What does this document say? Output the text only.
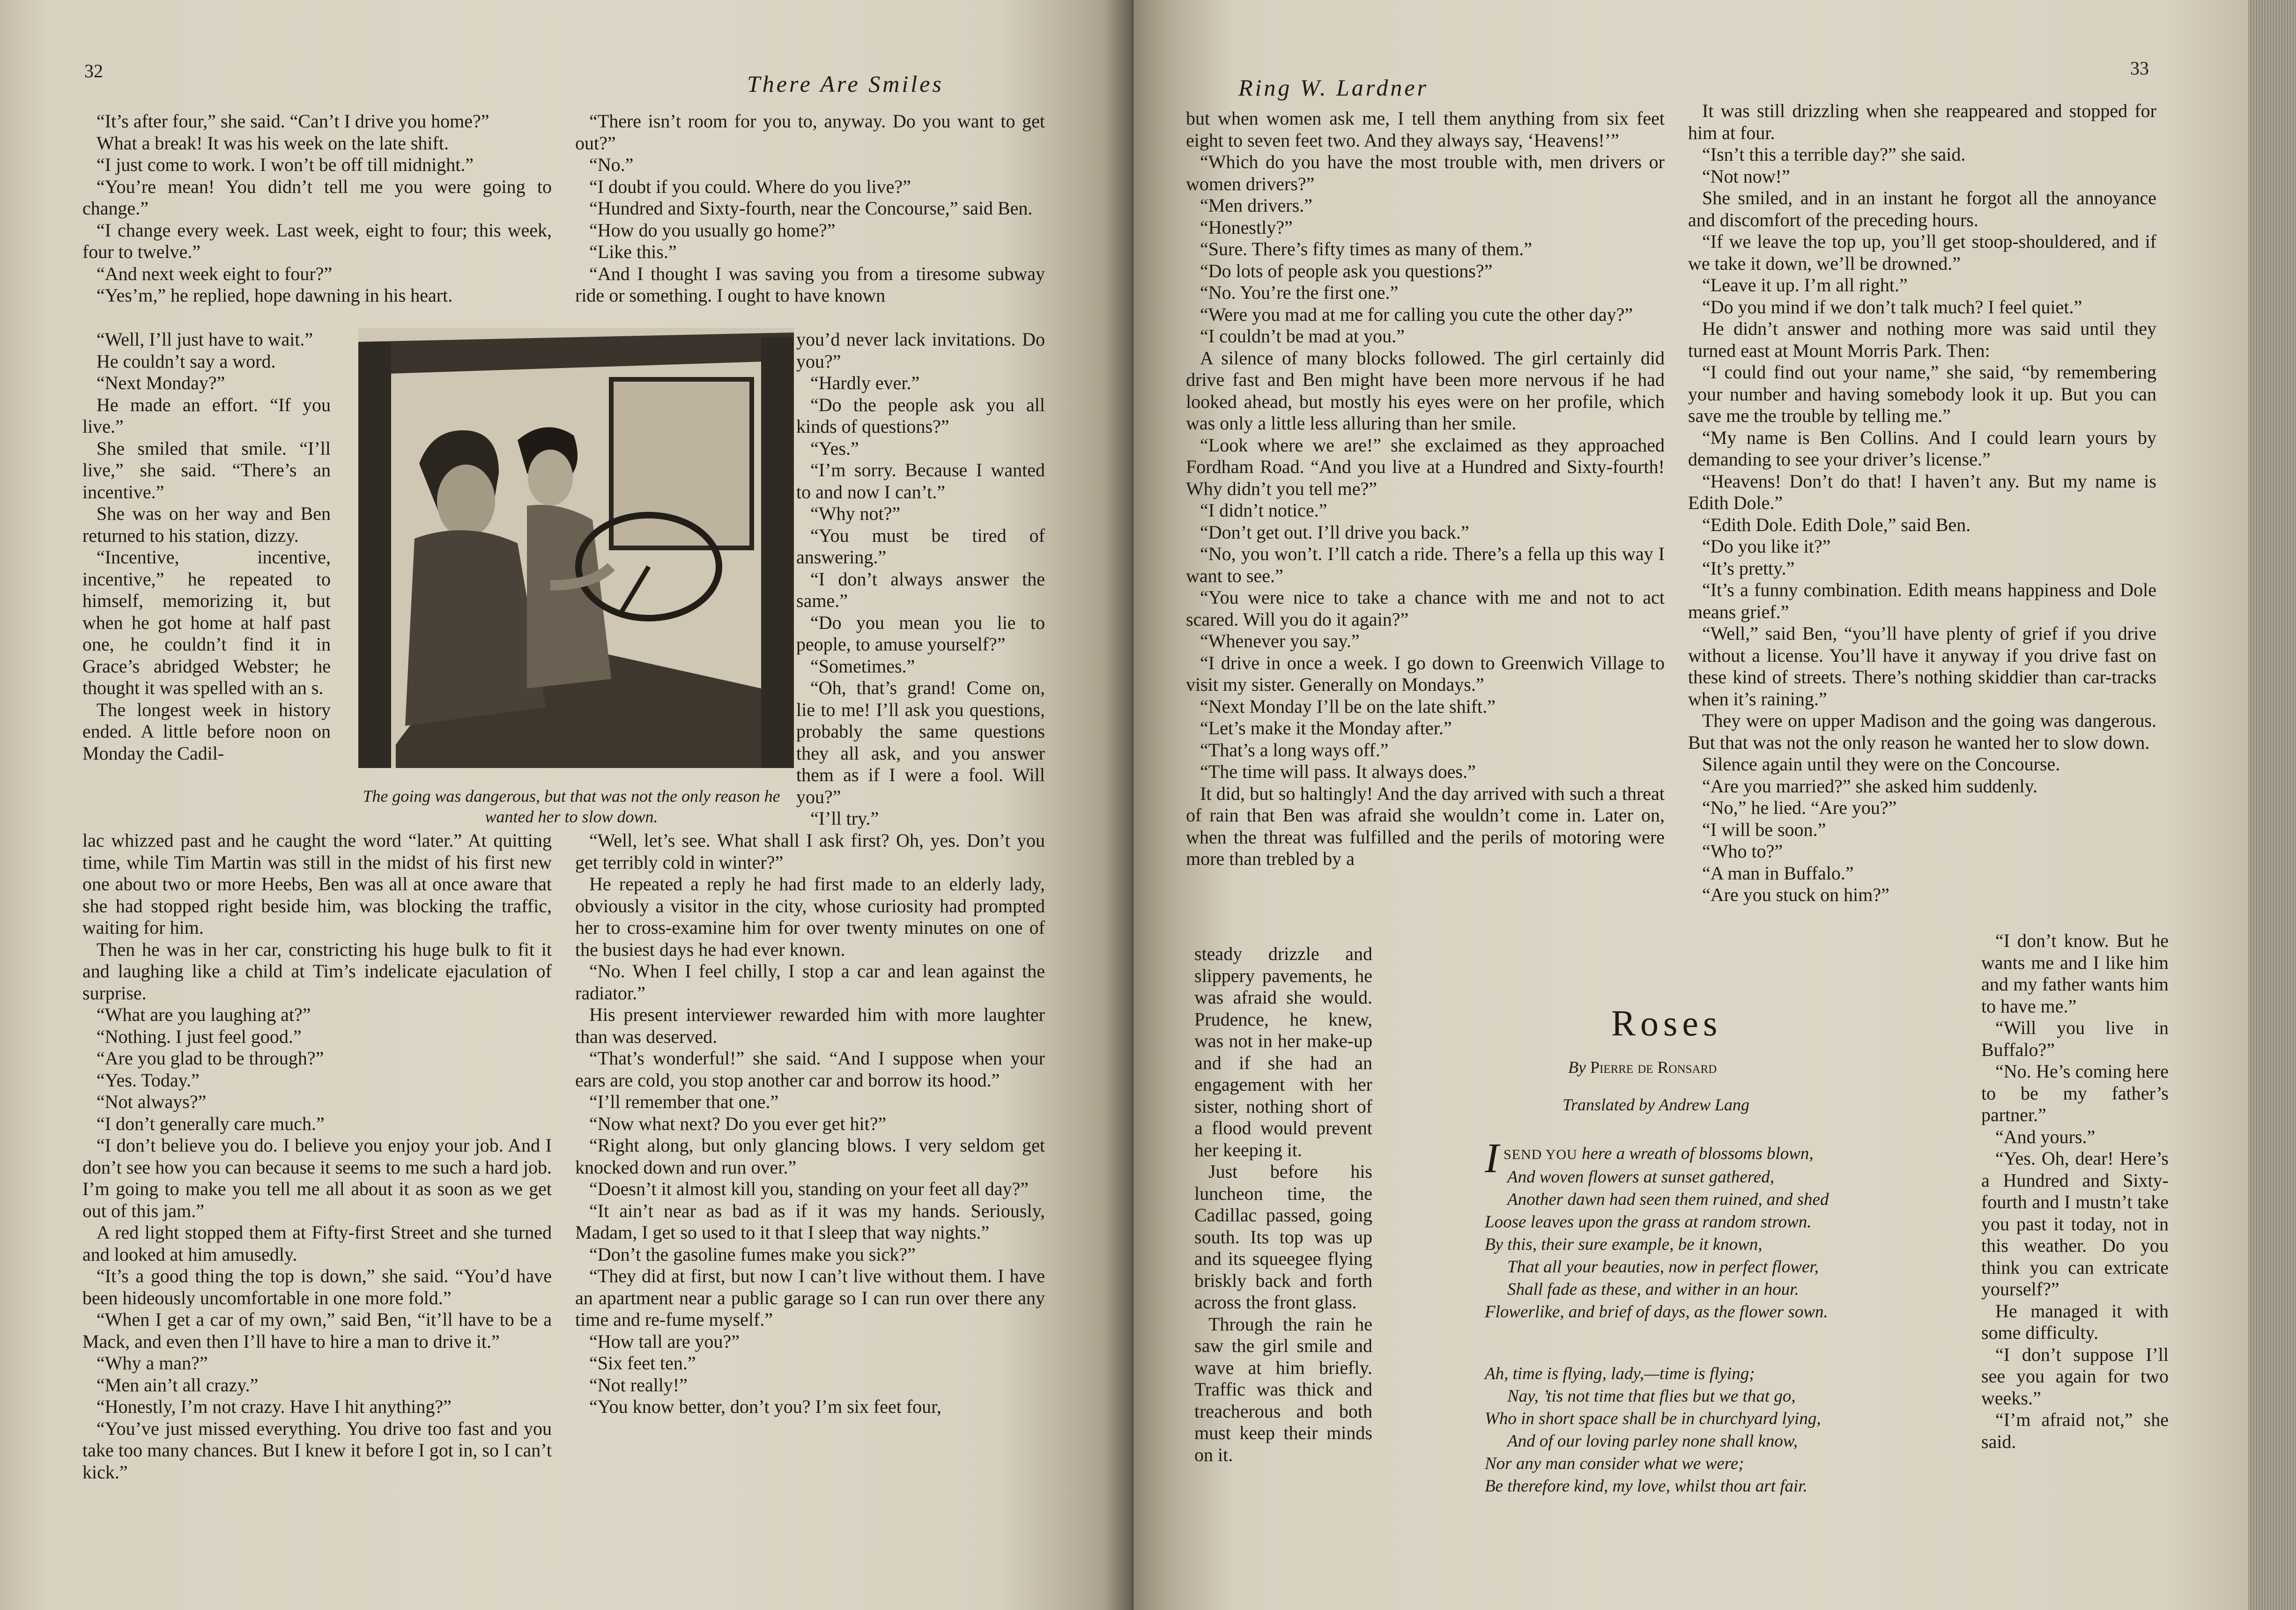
32	There Are Smiles

“It’s after four,” she said. “Can’t I drive you home?”

What a break! It was his week on the late shift.

“I just come to work. I won’t be off till midnight.”

“You’re mean! You didn’t tell me you were going to change.”

“I change every week. Last week, eight to four; this week, four to twelve.”

“And next week eight to four?”

“Yes’m,” he replied, hope dawning in his heart.

“Well, I’ll just have to wait.”

He couldn’t say a word.

“Next Monday?”

He made an effort. “If you live.”

She smiled that smile. “I’ll live,” she said. “There’s an incentive.”

She was on her way and Ben returned to his station, dizzy.

“Incentive, incentive, incentive,” he repeated to himself, memorizing it, but when he got home at half past one, he couldn’t find it in Grace’s abridged Webster; he thought it was spelled with an s.

The longest week in history ended. A little before noon on Monday the Cadil-

lac whizzed past and he caught the word “later.” At quitting time, while Tim Martin was still in the midst of his first new one about two or more Heebs, Ben was all at once aware that she had stopped right beside him, was blocking the traffic, waiting for him.

Then he was in her car, constricting his huge bulk to fit it and laughing like a child at Tim’s indelicate ejaculation of surprise.

“What are you laughing at?”

“Nothing. I just feel good.”

“Are you glad to be through?”

“Yes. Today.”

“Not always?”

“I don’t generally care much.”

“I don’t believe you do. I believe you enjoy your job. And I don’t see how you can because it seems to me such a hard job. I’m going to make you tell me all about it as soon as we get out of this jam.”

A red light stopped them at Fifty-first Street and she turned and looked at him amusedly.

“It’s a good thing the top is down,” she said. “You’d have been hideously uncomfortable in one more fold.”

“When I get a car of my own,” said Ben, “it’ll have to be a Mack, and even then I’ll have to hire a man to drive it.”

“Why a man?”

“Men ain’t all crazy.”

“Honestly, I’m not crazy. Have I hit anything?”

“You’ve just missed everything. You drive too fast and you take too many chances. But I knew it before I got in, so I can’t kick.”

“There isn’t room for you to, anyway. Do you want to get out?”

“No.”

“I doubt if you could. Where do you live?”

“Hundred and Sixty-fourth, near the Concourse,” said Ben.

“How do you usually go home?”

“Like this.”

“And I thought I was saving you from a tiresome subway ride or something. I ought to have known

you’d never lack invitations. Do you?”

“Hardly ever.”

“Do the people ask you all kinds of questions?”

“Yes.”

“I’m sorry. Because I wanted to and now I can’t.”

“Why not?”

“You must be tired of answering.”

“I don’t always answer the same.”

“Do you mean you lie to people, to amuse yourself?”

“Sometimes.”

“Oh, that’s grand! Come on, lie to me! I’ll ask you questions, probably the same questions they all ask, and you answer them as if I were a fool. Will you?”

“I’ll try.”

“Well, let’s see. What shall I ask first? Oh, yes. Don’t you get terribly cold in winter?”

He repeated a reply he had first made to an elderly lady, obviously a visitor in the city, whose curiosity had prompted her to cross-examine him for over twenty minutes on one of the busiest days he had ever known.

“No. When I feel chilly, I stop a car and lean against the radiator.”

His present interviewer rewarded him with more laughter than was deserved.

“That’s wonderful!” she said. “And I suppose when your ears are cold, you stop another car and borrow its hood.”

“I’ll remember that one.”

“Now what next? Do you ever get hit?”

“Right along, but only glancing blows. I very seldom get knocked down and run over.”

“Doesn’t it almost kill you, standing on your feet all day?”

“It ain’t near as bad as if it was my hands. Seriously, Madam, I get so used to it that I sleep that way nights.”

“Don’t the gasoline fumes make you sick?”

“They did at first, but now I can’t live without them. I have an apartment near a public garage so I can run over there any time and re-fume myself.”

“How tall are you?”

“Six feet ten.”

“Not really!”

“You know better, don’t you? I’m six feet four,

The going was dangerous, but that was not the only reason he wanted her to slow down.
Ring W. Lardner
33

but when women ask me, I tell them anything from six feet eight to seven feet two. And they always say, ‘Heavens!’”

“Which do you have the most trouble with, men drivers or women drivers?”

“Men drivers.”

“Honestly?”

“Sure. There’s fifty times as many of them.”

“Do lots of people ask you questions?”

“No. You’re the first one.”

“Were you mad at me for calling you cute the other day?”

“I couldn’t be mad at you.”

A silence of many blocks followed. The girl certainly did drive fast and Ben might have been more nervous if he had looked ahead, but mostly his eyes were on her profile, which was only a little less alluring than her smile.

“Look where we are!” she exclaimed as they approached Fordham Road. “And you live at a Hundred and Sixty-fourth! Why didn’t you tell me?”

“I didn’t notice.”

“Don’t get out. I’ll drive you back.”

“No, you won’t. I’ll catch a ride. There’s a fella up this way I want to see.”

“You were nice to take a chance with me and not to act scared. Will you do it again?”

“Whenever you say.”

“I drive in once a week. I go down to Greenwich Village to visit my sister. Generally on Mondays.”

“Next Monday I’ll be on the late shift.”

“Let’s make it the Monday after.”

“That’s a long ways off.”

“The time will pass. It always does.”

It did, but so haltingly! And the day arrived with such a threat of rain that Ben was afraid she wouldn’t come in. Later on, when the threat was fulfilled and the perils of motoring were more than trebled by a

steady drizzle and slippery pavements, he was afraid she would. Prudence, he knew, was not in her make-up and if she had an engagement with her sister, nothing short of a flood would prevent her keeping it.

Just before his luncheon time, the Cadillac passed, going south. Its top was up and its squeegee flying briskly back and forth across the front glass.

Through the rain he saw the girl smile and wave at him briefly. Traffic was thick and treacherous and both must keep their minds on it.

It was still drizzling when she reappeared and stopped for him at four.

“Isn’t this a terrible day?” she said.

“Not now!”

She smiled, and in an instant he forgot all the annoyance and discomfort of the preceding hours.

“If we leave the top up, you’ll get stoop-shouldered, and if we take it down, we’ll be drowned.”

“Leave it up. I’m all right.”

“Do you mind if we don’t talk much? I feel quiet.”

He didn’t answer and nothing more was said until they turned east at Mount Morris Park. Then:

“I could find out your name,” she said, “by remembering your number and having somebody look it up. But you can save me the trouble by telling me.”

“My name is Ben Collins. And I could learn yours by demanding to see your driver’s license.”

“Heavens! Don’t do that! I haven’t any. But my name is Edith Dole.”

“Edith Dole. Edith Dole,” said Ben.

“Do you like it?”

“It’s pretty.”

“It’s a funny combination. Edith means happiness and Dole means grief.”

“Well,” said Ben, “you’ll have plenty of grief if you drive without a license. You’ll have it anyway if you drive fast on these kind of streets. There’s nothing skiddier than car-tracks when it’s raining.”

They were on upper Madison and the going was dangerous. But that was not the only reason he wanted her to slow down.

Silence again until they were on the Concourse.

“Are you married?” she asked him suddenly.

“No,” he lied. “Are you?”

“I will be soon.”

“Who to?”

“A man in Buffalo.”

“Are you stuck on him?”

“I don’t know. But he wants me and I like him and my father wants him to have me.”

“Will you live in Buffalo?”

“No. He’s coming here to be my father’s partner.”

“And yours.”

“Yes. Oh, dear! Here’s a Hundred and Sixty-fourth and I mustn’t take you past it today, not in this weather. Do you think you can extricate yourself?”

He managed it with some difficulty.

“I don’t suppose I’ll see you again for two weeks.”

“I’m afraid not,” she said.

Roses
By Pierre de Ronsard
Translated by Andrew Lang

ISEND YOU here a wreath of blossoms blown,

And woven flowers at sunset gathered,

Another dawn had seen them ruined, and shed

Loose leaves upon the grass at random strown.

By this, their sure example, be it known,

That all your beauties, now in perfect flower,

Shall fade as these, and wither in an hour.

Flowerlike, and brief of days, as the flower sown.

Ah, time is flying, lady,—time is flying;

Nay, ’tis not time that flies but we that go,

Who in short space shall be in churchyard lying,

And of our loving parley none shall know,

Nor any man consider what we were;

Be therefore kind, my love, whilst thou art fair.
